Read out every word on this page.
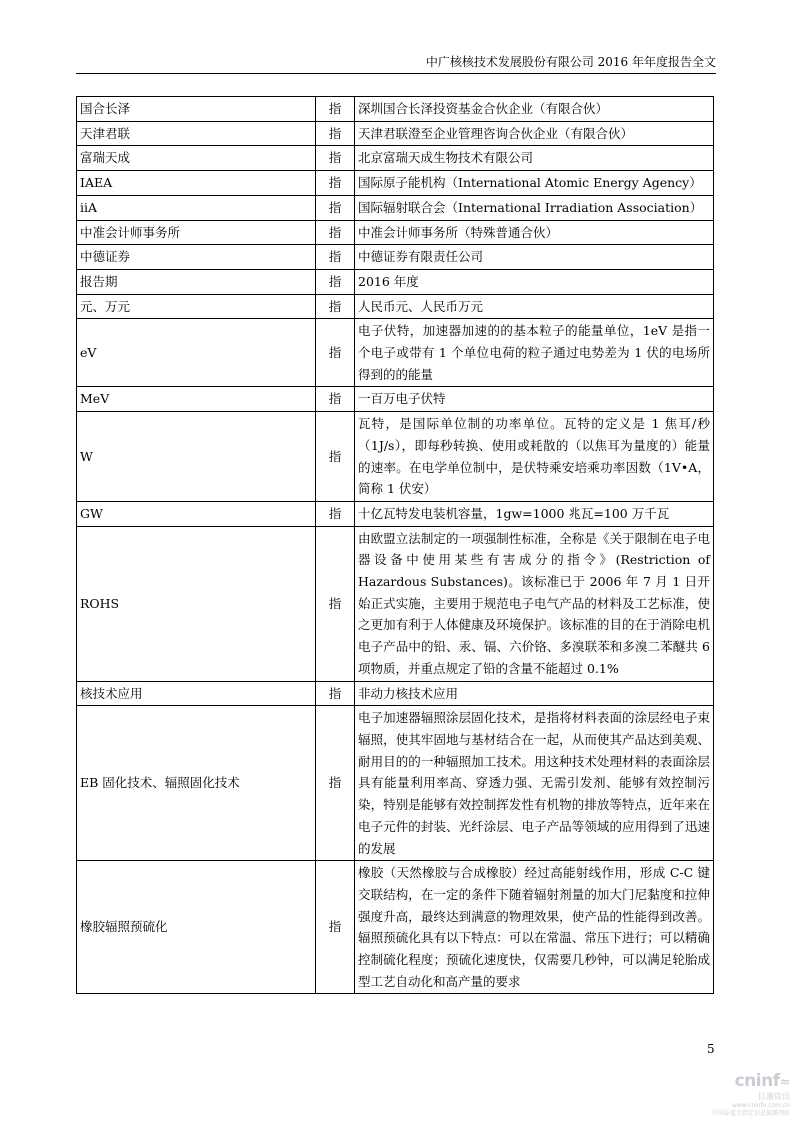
中广核核技术发展股份有限公司 2016 年年度报告全文
国合长泽	指	深圳国合长泽投资基金合伙企业（有限合伙）
天津君联	指	天津君联澄至企业管理咨询合伙企业（有限合伙）
富瑞天成	指	北京富瑞天成生物技术有限公司
IAEA	指	国际原子能机构（International Atomic Energy Agency）
iiA	指	国际辐射联合会（International Irradiation Association）
中准会计师事务所	指	中准会计师事务所（特殊普通合伙）
中德证券	指	中德证券有限责任公司
报告期	指	2016 年度
元、万元	指	人民币元、人民币万元
eV	指	电子伏特，加速器加速的的基本粒子的能量单位，1eV 是指一个电子或带有 1 个单位电荷的粒子通过电势差为 1 伏的电场所得到的的能量
MeV	指	一百万电子伏特
W	指	瓦特，是国际单位制的功率单位。瓦特的定义是 1 焦耳/秒（1J/s），即每秒转换、使用或耗散的（以焦耳为量度的）能量的速率。在电学单位制中，是伏特乘安培乘功率因数（1V•A，简称 1 伏安）
GW	指	十亿瓦特发电装机容量，1gw=1000 兆瓦=100 万千瓦
ROHS	指	由欧盟立法制定的一项强制性标准，全称是《关于限制在电子电器设备中使用某些有害成分的指令》(Restriction of Hazardous Substances)。该标准已于 2006 年 7 月 1 日开始正式实施，主要用于规范电子电气产品的材料及工艺标准，使之更加有利于人体健康及环境保护。该标准的目的在于消除电机电子产品中的铅、汞、镉、六价铬、多溴联苯和多溴二苯醚共 6 项物质，并重点规定了铅的含量不能超过 0.1%
核技术应用	指	非动力核技术应用
EB 固化技术、辐照固化技术	指	电子加速器辐照涂层固化技术，是指将材料表面的涂层经电子束辐照，使其牢固地与基材结合在一起，从而使其产品达到美观、耐用目的的一种辐照加工技术。用这种技术处理材料的表面涂层具有能量利用率高、穿透力强、无需引发剂、能够有效控制污染，特别是能够有效控制挥发性有机物的排放等特点，近年来在电子元件的封装、光纤涂层、电子产品等领域的应用得到了迅速的发展
橡胶辐照预硫化	指	橡胶（天然橡胶与合成橡胶）经过高能射线作用，形成 C-C 键交联结构，在一定的条件下随着辐射剂量的加大门尼黏度和拉伸强度升高，最终达到满意的物理效果，使产品的性能得到改善。辐照预硫化具有以下特点：可以在常温、常压下进行；可以精确控制硫化程度；预硫化速度快，仅需要几秒钟，可以满足轮胎成型工艺自动化和高产量的要求
5
cninf≈
巨潮资讯
www.cninfo.com.cn
中国证监会指定信息披露网站
